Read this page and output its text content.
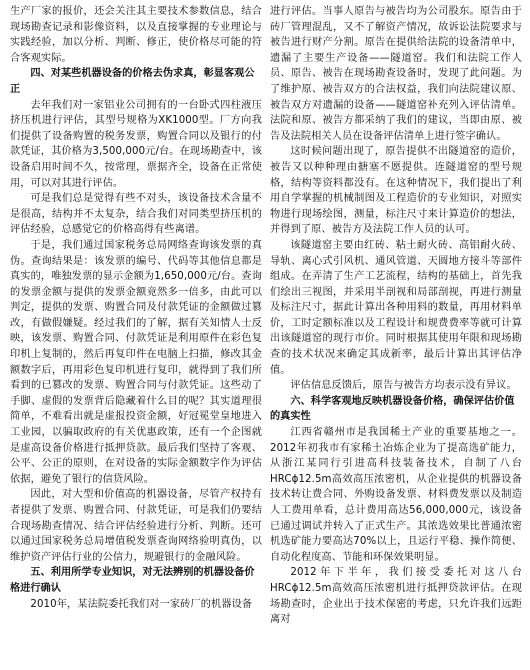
生产厂家的报价，还会关注其主要技术参数信息，结合现场勘查记录和影像资料，以及直接掌握的专业理论与实践经验，加以分析、判断、修正，使价格尽可能的符合客观实际。

四、对某些机器设备的价格去伪求真，彰显客观公正

去年我们对一家铝业公司拥有的一台卧式四柱液压挤压机进行评估，其型号规格为XK1000型。厂方向我们提供了设备购置的税务发票，购置合同以及银行的付款凭证，其价格为3,500,000元/台。在现场勘查中，该设备启用时间不久，按常理，票据齐全，设备在正常使用，可以对其进行评估。

可是我们总是觉得有些不对头，该设备技术含量不是很高，结构并不太复杂，结合我们对同类型挤压机的评估经验，总感觉它的价格高得有些离谱。

于是，我们通过国家税务总局网络查询该发票的真伪。查询结果是：该发票的编号、代码等其他信息都是真实的，唯独发票的显示金额为1,650,000元/台。查询的发票金额与提供的发票金额竟然多一倍多，由此可以判定，提供的发票、购置合同及付款凭证的金额做过篡改，有做假嫌疑。经过我们的了解，据有关知情人士反映，该发票、购置合同、付款凭证是利用原件在彩色复印机上复制的，然后再复印件在电脑上扫描，修改其金额数字后，再用彩色复印机进行复印，就得到了我们所看到的已篡改的发票、购置合同与付款凭证。这些动了手脚、虚假的发票背后隐藏着什么目的呢？其实道理很简单，不难看出就是虚报投资金额，好冠冕堂皇地进入工业园，以骗取政府的有关优惠政策，还有一个企图就是虚高设备价格进行抵押贷款。最后我们坚持了客观、公平、公正的原则，在对设备的实际金额数字作为评估依据，避免了银行的信贷风险。

因此，对大型和价值高的机器设备，尽管产权持有者提供了发票、购置合同、付款凭证，可是我们仍要结合现场勘查情况、结合评估经验进行分析、判断。还可以通过国家税务总局增值税发票查询网络验明真伪，以维护资产评估行业的公信力，规避银行的金融风险。

五、利用所学专业知识，对无法辨别的机器设备价格进行确认

2010年，某法院委托我们对一家砖厂的机器设备

进行评估。当事人原告与被告均为公司股东。原告由于砖厂管理混乱，又不了解资产情况，故诉讼法院要求与被告进行财产分割。原告在提供给法院的设备清单中，遗漏了主要生产设备——隧道窑。我们和法院工作人员、原告、被告在现场勘查设备时，发现了此问题。为了维护原、被告双方的合法权益，我们向法院建议原、被告双方对遗漏的设备——隧道窑补充列入评估清单。法院和原、被告方都采纳了我们的建议，当即由原、被告及法院相关人员在设备评估清单上进行签字确认。

这时候问题出现了，原告提供不出隧道窑的造价，被告又以种种理由搪塞不愿提供。连隧道窑的型号规格，结构等资料都没有。在这种情况下，我们提出了利用自学掌握的机械制图及工程造价的专业知识，对照实物进行现场绘图，测量，标注尺寸来计算造价的想法，并得到了原、被告方及法院工作人员的认可。

该隧道窑主要由红砖、粘土耐火砖、高铝耐火砖、导轨、离心式引风机、通风管道、天圆地方接斗等部件组成。在弄清了生产工艺流程，结构的基础上，首先我们绘出三视图，并采用半剖视和局部剖视，再进行测量及标注尺寸，据此计算出各种用料的数量，再用材料单价，工时定额标准以及工程设计和规费费率等就可计算出该隧道窑的现行市价。同时根据其使用年限和现场勘查的技术状况来确定其成新率，最后计算出其评估净值。

评估信息反馈后，原告与被告方均表示没有异议。

六、科学客观地反映机器设备价格，确保评估价值的真实性

江西省赣州市是我国稀土产业的重要基地之一。2012年初我市有家稀土冶炼企业为了提高选矿能力，从浙江某同行引进高科技装备技术，自制了八台HRCϕ12.5m高效高压浓密机，从企业提供的机器设备技术转让费合同、外购设备发票、材料费发票以及制造人工费用单看，总计费用高达56,000,000元，该设备已通过调试并转入了正式生产。其浓选效果比普通浓密机选矿能力要高达70%以上，且运行平稳、操作简便、自动化程度高、节能和环保效果明显。

2012年下半年，我们接受委托对这八台HRCϕ12.5m高效高压浓密机进行抵押贷款评估。在现场勘查时，企业出于技术保密的考虑，只允许我们远距离对
